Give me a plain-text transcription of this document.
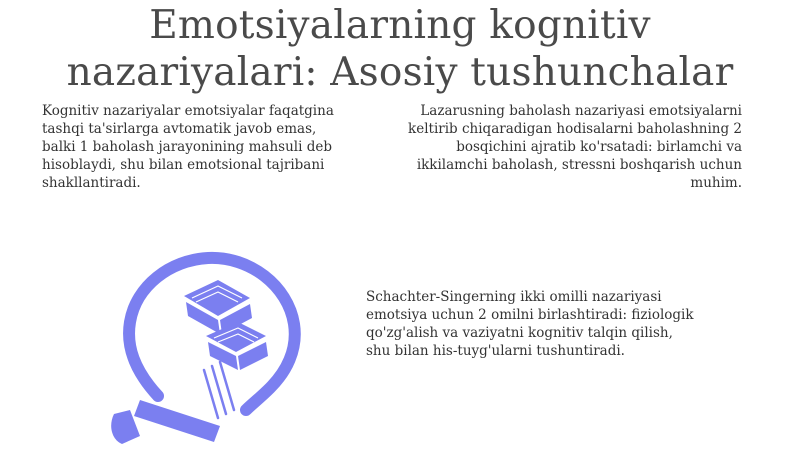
Emotsiyalarning kognitiv
nazariyalari: Asosiy tushunchalar
Kognitiv nazariyalar emotsiyalar faqatgina tashqi ta'sirlarga avtomatik javob emas, balki 1 baholash jarayonining mahsuli deb hisoblaydi, shu bilan emotsional tajribani shakllantiradi.
Lazarusning baholash nazariyasi emotsiyalarni keltirib chiqaradigan hodisalarni baholashning 2 bosqichini ajratib ko'rsatadi: birlamchi va ikkilamchi baholash, stressni boshqarish uchun muhim.
Schachter-Singerning ikki omilli nazariyasi emotsiya uchun 2 omilni birlashtiradi: fiziologik qo'zg'alish va vaziyatni kognitiv talqin qilish, shu bilan his-tuyg'ularni tushuntiradi.
